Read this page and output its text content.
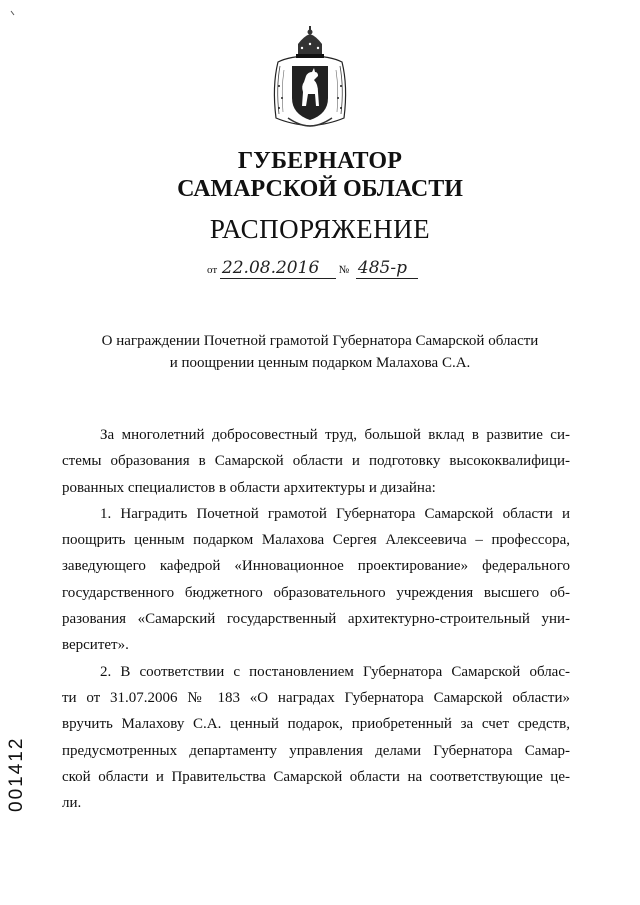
ГУБЕРНАТОР
САМАРСКОЙ ОБЛАСТИ
РАСПОРЯЖЕНИЕ
от 22.08.2016 № 485-р
О награждении Почетной грамотой Губернатора Самарской области
и поощрении ценным подарком Малахова С.А.

За многолетний добросовестный труд, большой вклад в развитие си-
стемы образования в Самарской области и подготовку высококвалифици-
рованных специалистов в области архитектуры и дизайна:

1. Наградить Почетной грамотой Губернатора Самарской области и
поощрить ценным подарком Малахова Сергея Алексеевича – профессора,
заведующего кафедрой «Инновационное проектирование» федерального
государственного бюджетного образовательного учреждения высшего об-
разования «Самарский государственный архитектурно-строительный уни-
верситет».

2. В соответствии с постановлением Губернатора Самарской облас-
ти от 31.07.2006 № 183 «О наградах Губернатора Самарской области»
вручить Малахову С.А. ценный подарок, приобретенный за счет средств,
предусмотренных департаменту управления делами Губернатора Самар-
ской области и Правительства Самарской области на соответствующие це-
ли.

001412
